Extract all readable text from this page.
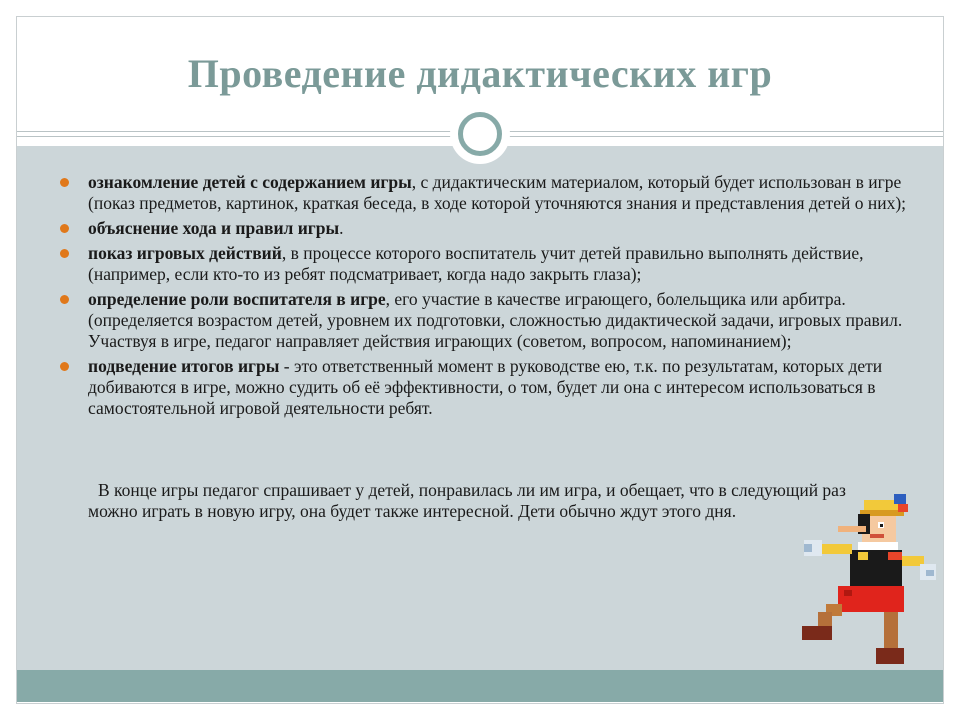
Проведение дидактических игр
ознакомление детей с содержанием игры, с дидактическим материалом, который будет использован в игре (показ предметов, картинок, краткая беседа, в ходе которой уточняются знания и представления детей о них);
объяснение хода и правил игры.
показ игровых действий, в процессе которого воспитатель учит детей правильно выполнять действие, (например, если кто-то из ребят подсматривает, когда надо закрыть глаза);
определение роли воспитателя в игре, его участие в качестве играющего, болельщика или арбитра. (определяется возрастом детей, уровнем их подготовки, сложностью дидактической задачи, игровых правил. Участвуя в игре, педагог направляет действия играющих (советом, вопросом, напоминанием);
подведение итогов игры - это ответственный момент в руководстве ею, т.к. по результатам, которых дети добиваются в игре, можно судить об её эффективности, о том, будет ли она с интересом использоваться в самостоятельной игровой деятельности ребят.
В конце игры педагог спрашивает у детей, понравилась ли им игра, и обещает, что в следующий раз можно играть в новую игру, она будет также интересной. Дети обычно ждут этого дня.
